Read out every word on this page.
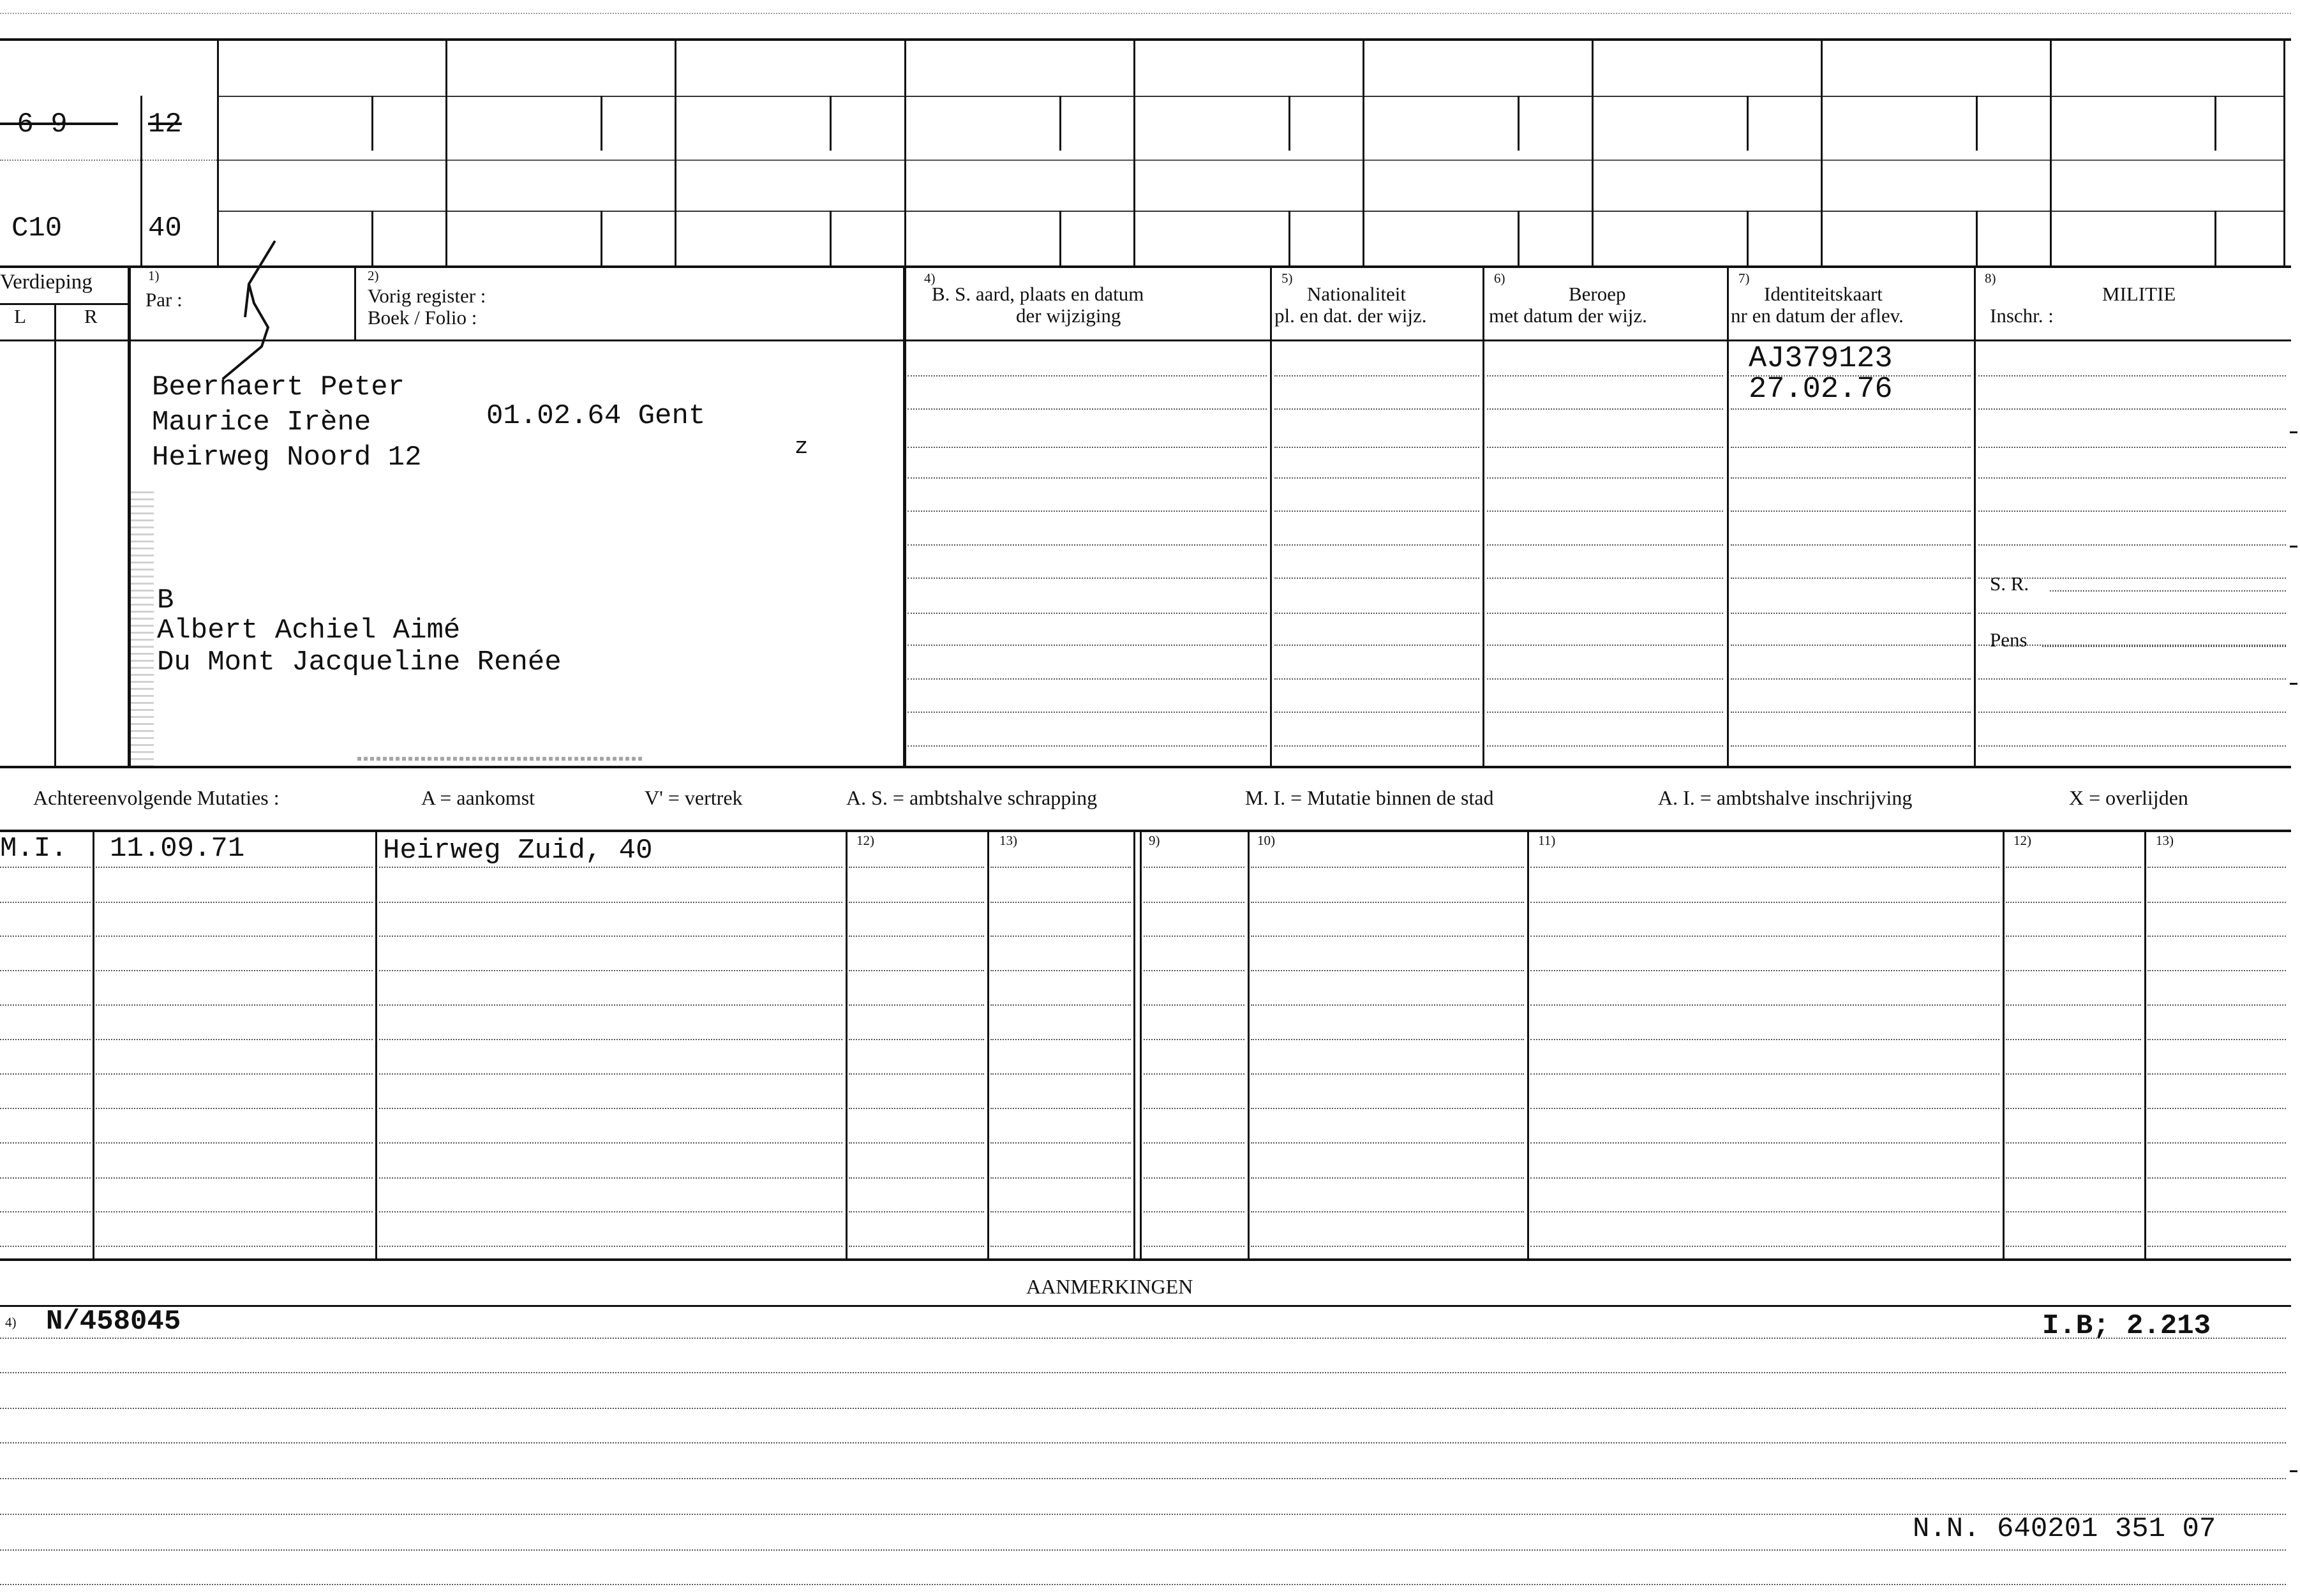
-6-9--- 12
C10	40
Verdieping
L	R
1)
Par :
2)
Vorig register :
Boek / Folio :
4)
B. S. aard, plaats en datum
der wijziging
5)
Nationaliteit
pl. en dat. der wijz.
6)
Beroep
met datum der wijz.
7)
Identiteitskaart
nr en datum der aflev.
8)
MILITIE
Inschr. :
S. R.
Pens
Beernaert Peter
Maurice Irène	01.02.64 Gent
Heirweg Noord 12	z
B
Albert Achiel Aimé
Du Mont Jacqueline Renée
AJ379123
27.02.76
Achtereenvolgende Mutaties :	A = aankomst	V' = vertrek	A. S. = ambtshalve schrapping	M. I. = Mutatie binnen de stad	A. I. = ambtshalve inschrijving	X = overlijden
M.I. 11.09.71	Heirweg Zuid, 40	12)	13)	9)	10)	11)	12)	13)
AANMERKINGEN
4) N/458045	I.B; 2.213
N.N. 640201 351 07
